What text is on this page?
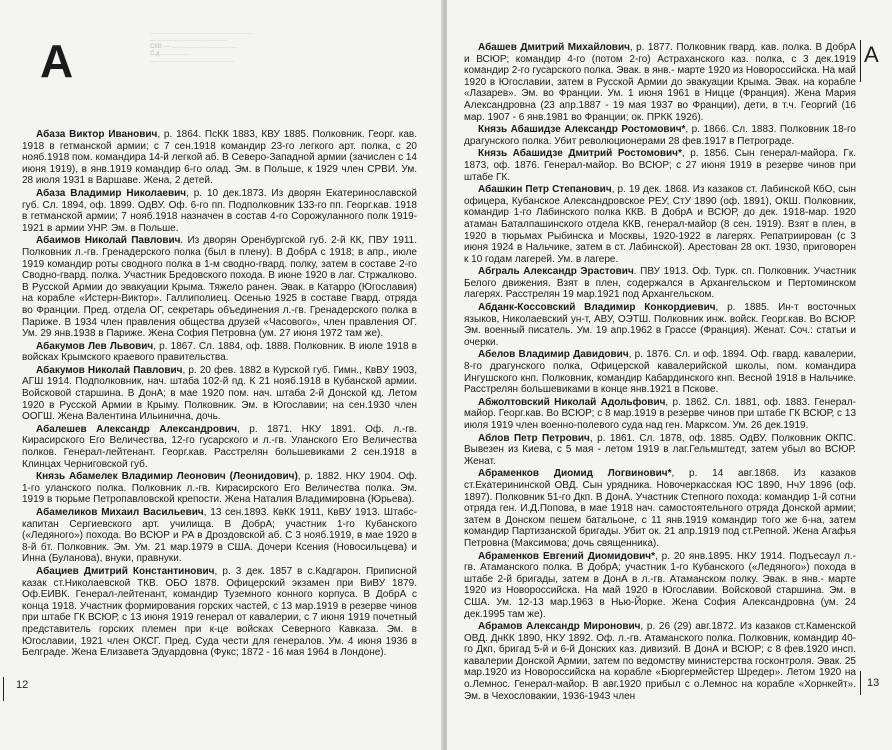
……………………………………………
…………………………………
СКВ — ……………………………
С.д……………
……………………………………
А

Абаза Виктор Иванович, р. 1864. ПсКК 1883, КВУ 1885. Полковник. Георг. кав. 1918 в гетманской армии; с 7 сен.1918 командир 23-го легкого арт. полка, с 20 нояб.1918 пом. командира 14-й легкой аб. В Северо-Западной армии (зачислен с 14 июня 1919), в янв.1919 командир 6-го олад. Эм. в Польше, к 1929 член СРВИ. Ум. 28 июля 1931 в Варшаве. Жена, 2 детей.

Абаза Владимир Николаевич, р. 10 дек.1873. Из дворян Екатеринославской губ. Сл. 1894, оф. 1899. ОдВУ. Оф. 6-го пп. Подполковник 133-го пп. Георг.кав. 1918 в гетманской армии; 7 нояб.1918 назначен в состав 4-го Сорожуланного полк 1919-1921 в армии УНР. Эм. в Польше.

Абаимов Николай Павлович. Из дворян Оренбургской губ. 2-й КК, ПВУ 1911. Полковник л.-гв. Гренадерского полка (был в плену). В ДобрА с 1918; в апр., июле 1919 командир роты сводного полка в 1-м сводно-гвард. полку, затем в составе 2-го Сводно-гвард. полка. Участник Бредовского похода. В июне 1920 в лаг. Стржалково. В Русской Армии до эвакуации Крыма. Тяжело ранен. Эвак. в Катарро (Югославия) на корабле «Истерн-Виктор». Галлиполиец. Осенью 1925 в составе Гвард. отряда во Франции. Пред. отдела ОГ, секретарь объединения л.-гв. Гренадерского полка в Париже. В 1934 член правления общества друзей «Часового», член правления ОГ. Ум. 29 янв.1938 в Париже. Жена София Петровна (ум. 27 июня 1972 там же).

Абакумов Лев Львович, р. 1867. Сл. 1884, оф. 1888. Полковник. В июле 1918 в войсках Крымского краевого правительства.

Абакумов Николай Павлович, р. 20 фев. 1882 в Курской губ. Гимн., КвВУ 1903, АГШ 1914. Подполковник, нач. штаба 102-й пд. К 21 нояб.1918 в Кубанской армии. Войсковой старшина. В ДонА; в мае 1920 пом. нач. штаба 2-й Донской кд. Летом 1920 в Русской Армии в Крыму. Полковник. Эм. в Югославии; на сен.1930 член ООГШ. Жена Валентина Ильинична, дочь.

Абалешев Александр Александрович, р. 1871. НКУ 1891. Оф. л.-гв. Кирасирского Его Величества, 12-го гусарского и л.-гв. Уланского Его Величества полков. Генерал-лейтенант. Георг.кав. Расстрелян большевиками 2 сен.1918 в Клинцах Черниговской губ.

Князь Абамелек Владимир Леонович (Леонидович), р. 1882. НКУ 1904. Оф. 1-го уланского полка. Полковник л.-гв. Кирасирского Его Величества полка. Эм. 1919 в тюрьме Петропавловской крепости. Жена Наталия Владимировна (Юрьева).

Абамеликов Михаил Васильевич, 13 сен.1893. КвКК 1911, КвВУ 1913. Штабс-капитан Сергиевского арт. училища. В ДобрА; участник 1-го Кубанского («Ледяного») похода. Во ВСЮР и РА в Дроздовской аб. С 3 нояб.1919, в мае 1920 в 8-й бт. Полковник. Эм. Ум. 21 мар.1979 в США. Дочери Ксения (Новосильцева) и Инна (Буланова), внуки, правнуки.

Абациев Дмитрий Константинович, р. 3 дек. 1857 в с.Кадгарон. Приписной казак ст.Николаевской ТКВ. ОБО 1878. Офицерский экзамен при ВиВУ 1879. Оф.ЕИВК. Генерал-лейтенант, командир Туземного конного корпуса. В ДобрА с конца 1918. Участник формирования горских частей, с 13 мар.1919 в резерве чинов при штабе ГК ВСЮР, с 13 июня 1919 генерал от кавалерии, с 7 июня 1919 почетный представитель горских племен при к-це войсках Северного Кавказа. Эм. в Югославии, 1921 член ОКСГ. Пред. Суда чести для генералов. Ум. 4 июня 1936 в Белграде. Жена Елизавета Эдуардовна (Фукс; 1872 - 16 мая 1964 в Лондоне).

12
А

Абашев Дмитрий Михайлович, р. 1877. Полковник гвард. кав. полка. В ДобрА и ВСЮР; командир 4-го (потом 2-го) Астраханского каз. полка, с 3 дек.1919 командир 2-го гусарского полка. Эвак. в янв.- марте 1920 из Новороссийска. На май 1920 в Югославии, затем в Русской Армии до эвакуации Крыма. Эвак. на корабле «Лазарев». Эм. во Франции. Ум. 1 июня 1961 в Ницце (Франция). Жена Мария Александровна (23 апр.1887 - 19 мая 1937 во Франции), дети, в т.ч. Георгий (16 мар. 1907 - 6 янв.1981 во Франции; ок. ПРКК 1926).

Князь Абашидзе Александр Ростомович*, р. 1866. Сл. 1883. Полковник 18-го драгунского полка. Убит революционерами 28 фев.1917 в Петрограде.

Князь Абашидзе Дмитрий Ростомович*, р. 1856. Сын генерал-майора. Гк. 1873, оф. 1876. Генерал-майор. Во ВСЮР; с 27 июня 1919 в резерве чинов при штабе ГК.

Абашкин Петр Степанович, р. 19 дек. 1868. Из казаков ст. Лабинской КбО, сын офицера, Кубанское Александровское РЕУ, СтУ 1890 (оф. 1891), ОКШ. Полковник, командир 1-го Лабинского полка ККВ. В ДобрА и ВСЮР, до дек. 1918-мар. 1920 атаман Баталпашинского отдела ККВ, генерал-майор (8 сен. 1919). Взят в плен, в 1920 в тюрьмах Рыбинска и Москвы, 1920-1922 в лагерях. Репатриирован (с 3 июня 1924 в Нальчике, затем в ст. Лабинской). Арестован 28 окт. 1930, приговорен к 10 годам лагерей. Ум. в лагере.

Абграль Александр Эрастович. ПВУ 1913. Оф. Турк. сп. Полковник. Участник Белого движения. Взят в плен, содержался в Архангельском и Пертоминском лагерях. Расстрелян 19 мар.1921 под Архангельском.

Абданк-Коссовский Владимир Конкордиевич, р. 1885. Ин-т восточных языков, Николаевский ун-т, АВУ, ОЭТШ. Полковник инж. войск. Георг.кав. Во ВСЮР. Эм. военный писатель. Ум. 19 апр.1962 в Грассе (Франция). Женат. Соч.: статьи и очерки.

Абелов Владимир Давидович, р. 1876. Сл. и оф. 1894. Оф. гвард. кавалерии, 8-го драгунского полка, Офицерской кавалерийской школы, пом. командира Ингушского кнп. Полковник, командир Кабардинского кнп. Весной 1918 в Нальчике. Расстрелян большевиками в конце янв.1921 в Пскове.

Абжолтовский Николай Адольфович, р. 1862. Сл. 1881, оф. 1883. Генерал-майор. Георг.кав. Во ВСЮР; с 8 мар.1919 в резерве чинов при штабе ГК ВСЮР, с 13 июля 1919 член военно-полевого суда над ген. Марксом. Ум. 26 дек.1919.

Аблов Петр Петрович, р. 1861. Сл. 1878, оф. 1885. ОдВУ. Полковник ОКПС. Вывезен из Киева, с 5 мая - летом 1919 в лаг.Гельмштедт, затем убыл во ВСЮР. Женат.

Абраменков Диомид Логвинович*, р. 14 авг.1868. Из казаков ст.Екатерининской ОВД. Сын урядника. Новочеркасская ЮС 1890, НчУ 1896 (оф. 1897). Полковник 51-го Дкп. В ДонА. Участник Степного похода: командир 1-й сотни отряда ген. И.Д.Попова, в мае 1918 нач. самостоятельного отряда Донской армии; затем в Донском пешем батальоне, с 11 янв.1919 командир того же 6-на, затем командир Партизанской бригады. Убит ок. 21 апр.1919 под ст.Репной. Жена Агафья Петровна (Максимова; дочь священника).

Абраменков Евгений Диомидович*, р. 20 янв.1895. НКУ 1914. Подъесаул л.-гв. Атаманского полка. В ДобрА; участник 1-го Кубанского («Ледяного») похода в штабе 2-й бригады, затем в ДонА в л.-гв. Атаманском полку. Эвак. в янв.- марте 1920 из Новороссийска. На май 1920 в Югославии. Войсковой старшина. Эм. в США. Ум. 12-13 мар.1963 в Нью-Йорке. Жена София Александровна (ум. 24 дек.1995 там же).

Абрамов Александр Миронович, р. 26 (29) авг.1872. Из казаков ст.Каменской ОВД. ДнКК 1890, НКУ 1892. Оф. л.-гв. Атаманского полка. Полковник, командир 40-го Дкп, бригад 5-й и 6-й Донских каз. дивизий. В ДонА и ВСЮР; с 8 фев.1920 инсп. кавалерии Донской Армии, затем по ведомству министерства госконтроля. Эвак. 25 мар.1920 из Новороссийска на корабле «Бюргермейстер Шредер». Летом 1920 на о.Лемнос. Генерал-майор. В авг.1920 прибыл с о.Лемнос на корабле «Хорнкейт». Эм. в Чехословакии, 1936-1943 член

13
